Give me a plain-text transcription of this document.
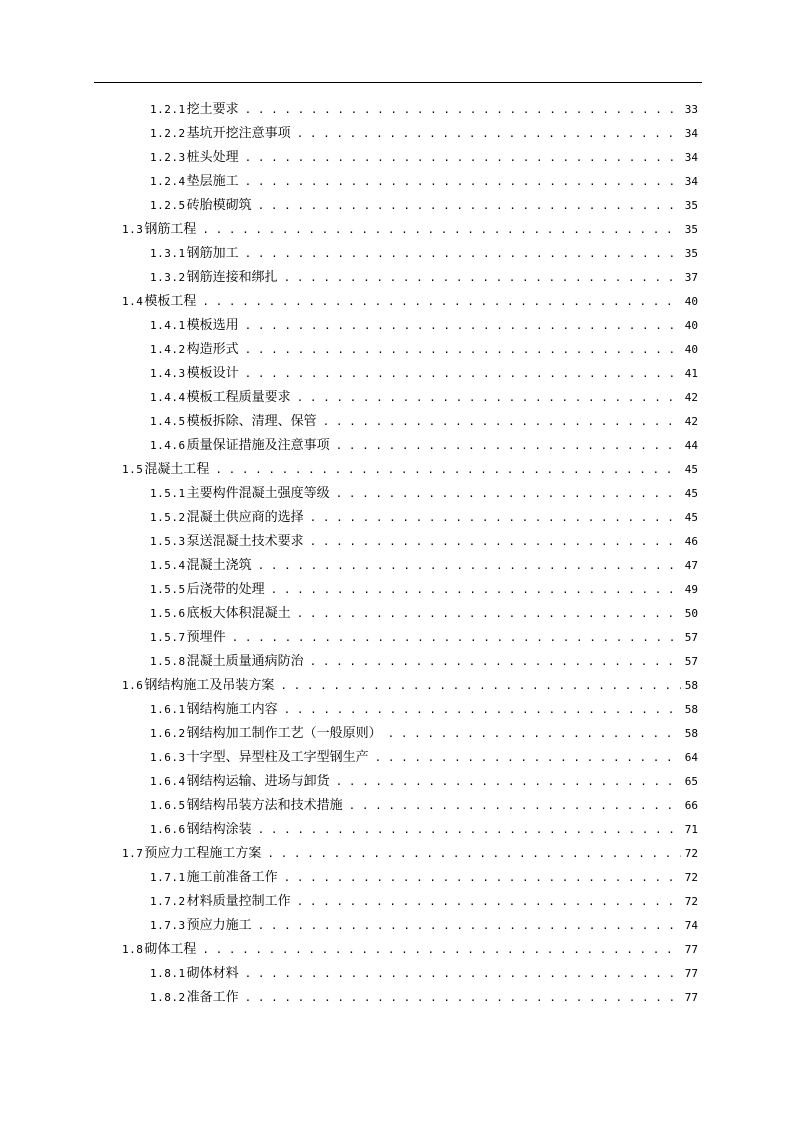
1.2.1 挖土要求 . . .	33
1.2.2 基坑开挖注意事项 . . .	34
1.2.3 桩头处理 . . .	34
1.2.4 垫层施工 . . .	34
1.2.5 砖胎模砌筑 . . .	35
1.3 钢筋工程 . . .	35
1.3.1 钢筋加工 . . .	35
1.3.2 钢筋连接和绑扎 . . .	37
1.4 模板工程 . . .	40
1.4.1 模板选用 . . .	40
1.4.2 构造形式 . . .	40
1.4.3 模板设计 . . .	41
1.4.4 模板工程质量要求 . . .	42
1.4.5 模板拆除、清理、保管 . . .	42
1.4.6 质量保证措施及注意事项 . . .	44
1.5 混凝土工程 . . .	45
1.5.1 主要构件混凝土强度等级 . . .	45
1.5.2 混凝土供应商的选择 . . .	45
1.5.3 泵送混凝土技术要求 . . .	46
1.5.4 混凝土浇筑 . . .	47
1.5.5 后浇带的处理 . . .	49
1.5.6 底板大体积混凝土 . . .	50
1.5.7 预埋件 . . .	57
1.5.8 混凝土质量通病防治 . . .	57
1.6 钢结构施工及吊装方案 . . .	58
1.6.1 钢结构施工内容 . . .	58
1.6.2 钢结构加工制作工艺（一般原则） . . .	58
1.6.3 十字型、异型柱及工字型钢生产 . . .	64
1.6.4 钢结构运输、进场与卸货 . . .	65
1.6.5 钢结构吊装方法和技术措施 . . .	66
1.6.6 钢结构涂装 . . .	71
1.7 预应力工程施工方案 . . .	72
1.7.1 施工前准备工作 . . .	72
1.7.2 材料质量控制工作 . . .	72
1.7.3 预应力施工 . . .	74
1.8 砌体工程 . . .	77
1.8.1 砌体材料 . . .	77
1.8.2 准备工作 . . .	77
